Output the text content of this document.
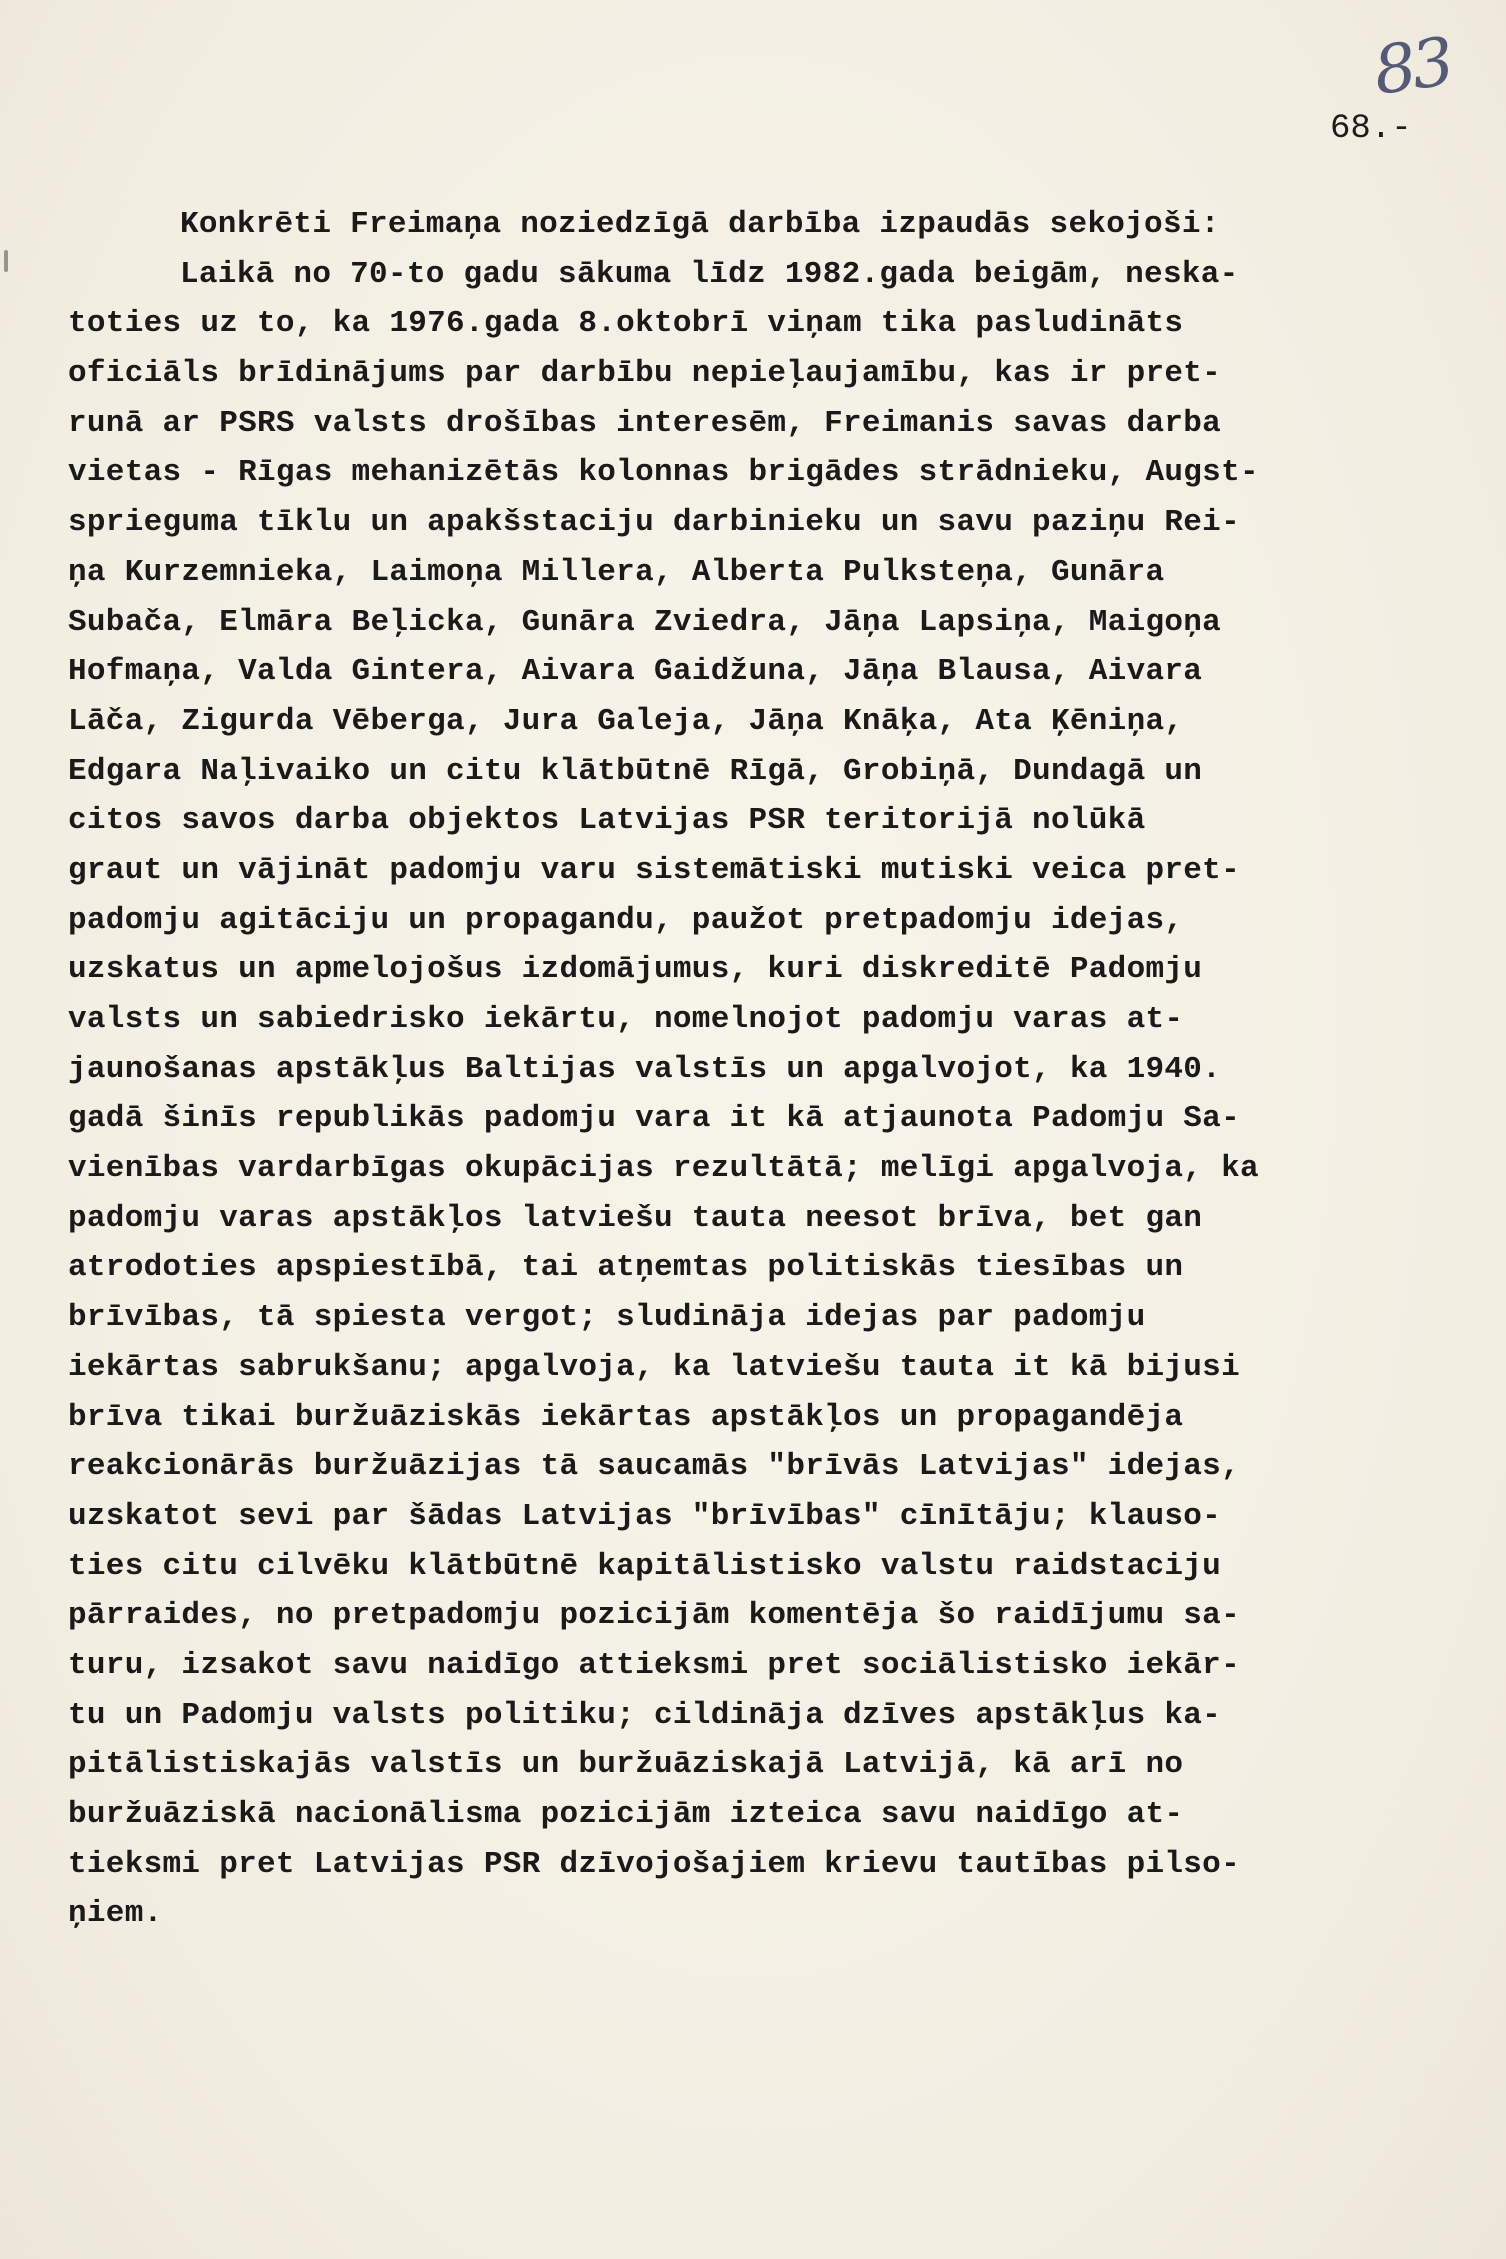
83
68.-
Konkrēti Freimaņa noziedzīgā darbība izpaudās sekojoši:
Laikā no 70-to gadu sākuma līdz 1982.gada beigām, neska-
toties uz to, ka 1976.gada 8.oktobrī viņam tika pasludināts
oficiāls brīdinājums par darbību nepieļaujamību, kas ir pret-
runā ar PSRS valsts drošības interesēm, Freimanis savas darba
vietas - Rīgas mehanizētās kolonnas brigādes strādnieku, Augst-
sprieguma tīklu un apakšstaciju darbinieku un savu paziņu Rei-
ņa Kurzemnieka, Laimoņa Millera, Alberta Pulksteņa, Gunāra
Subača, Elmāra Beļicka, Gunāra Zviedra, Jāņa Lapsiņa, Maigoņa
Hofmaņa, Valda Gintera, Aivara Gaidžuna, Jāņa Blausa, Aivara
Lāča, Zigurda Vēberga, Jura Galeja, Jāņa Knāķa, Ata Ķēniņa,
Edgara Naļivaiko un citu klātbūtnē Rīgā, Grobiņā, Dundagā un
citos savos darba objektos Latvijas PSR teritorijā nolūkā
graut un vājināt padomju varu sistemātiski mutiski veica pret-
padomju agitāciju un propagandu, paužot pretpadomju idejas,
uzskatus un apmelojošus izdomājumus, kuri diskreditē Padomju
valsts un sabiedrisko iekārtu, nomelnojot padomju varas at-
jaunošanas apstākļus Baltijas valstīs un apgalvojot, ka 1940.
gadā šinīs republikās padomju vara it kā atjaunota Padomju Sa-
vienības vardarbīgas okupācijas rezultātā; melīgi apgalvoja, ka
padomju varas apstākļos latviešu tauta neesot brīva, bet gan
atrodoties apspiestībā, tai atņemtas politiskās tiesības un
brīvības, tā spiesta vergot; sludināja idejas par padomju
iekārtas sabrukšanu; apgalvoja, ka latviešu tauta it kā bijusi
brīva tikai buržuāziskās iekārtas apstākļos un propagandēja
reakcionārās buržuāzijas tā saucamās "brīvās Latvijas" idejas,
uzskatot sevi par šādas Latvijas "brīvības" cīnītāju; klauso-
ties citu cilvēku klātbūtnē kapitālistisko valstu raidstaciju
pārraides, no pretpadomju pozicijām komentēja šo raidījumu sa-
turu, izsakot savu naidīgo attieksmi pret sociālistisko iekār-
tu un Padomju valsts politiku; cildināja dzīves apstākļus ka-
pitālistiskajās valstīs un buržuāziskajā Latvijā, kā arī no
buržuāziskā nacionālisma pozicijām izteica savu naidīgo at-
tieksmi pret Latvijas PSR dzīvojošajiem krievu tautības pilso-
ņiem.
